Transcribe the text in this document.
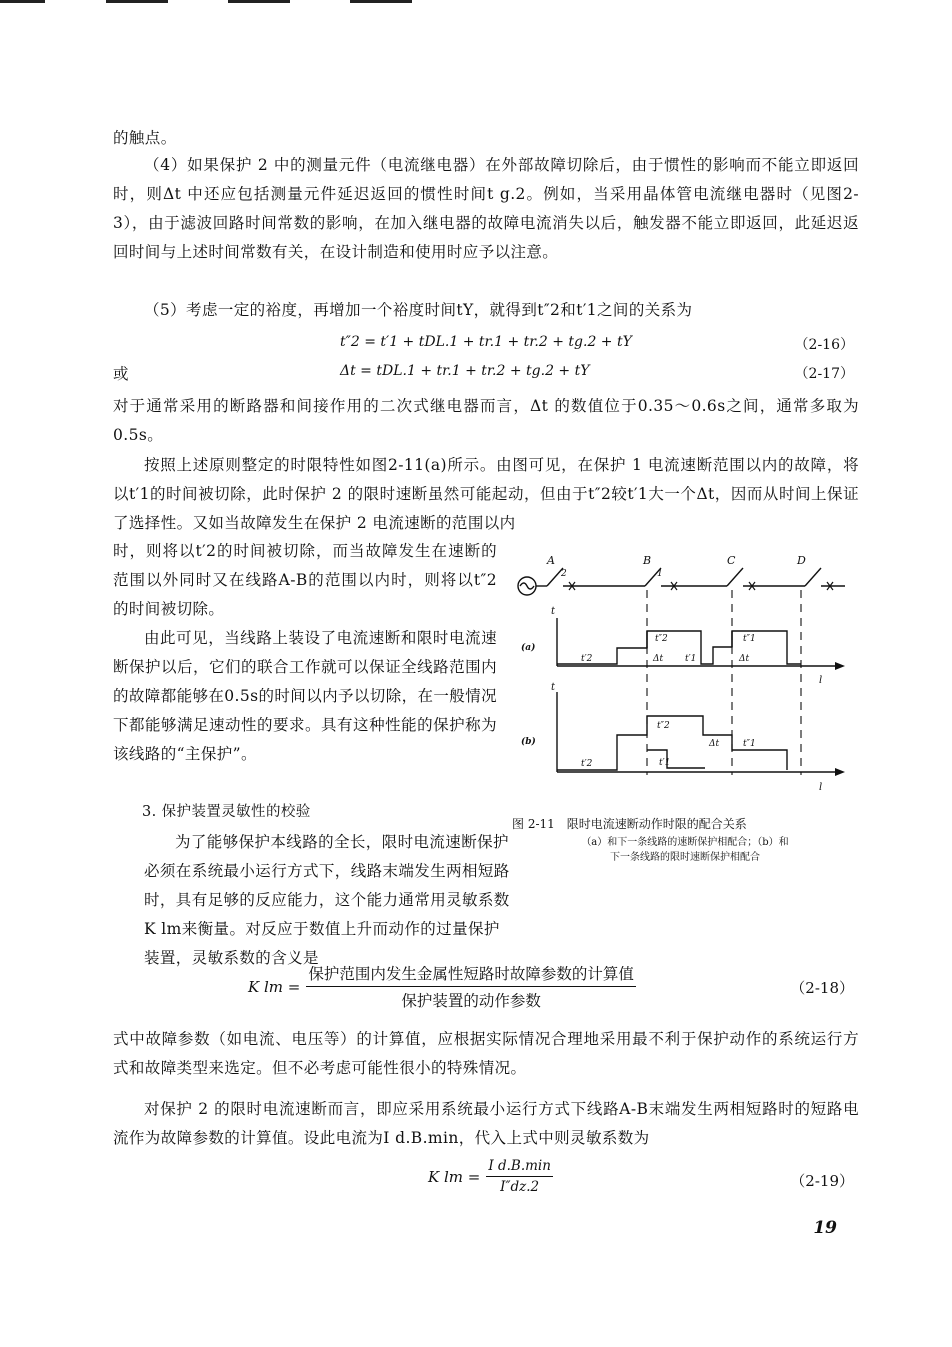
的触点。
（4）如果保护 2 中的测量元件（电流继电器）在外部故障切除后，由于惯性的影响而不能立即返回时，则Δt 中还应包括测量元件延迟返回的惯性时间t g.2。例如，当采用晶体管电流继电器时（见图2-3），由于滤波回路时间常数的影响，在加入继电器的故障电流消失以后，触发器不能立即返回，此延迟返回时间与上述时间常数有关，在设计制造和使用时应予以注意。
（5）考虑一定的裕度，再增加一个裕度时间tY，就得到t″2和t′1之间的关系为
t″2 = t′1 + tDL.1 + tr.1 + tr.2 + tg.2 + tY	（2-16）
或	Δt = tDL.1 + tr.1 + tr.2 + tg.2 + tY	（2-17）
对于通常采用的断路器和间接作用的二次式继电器而言，Δt 的数值位于0.35～0.6s之间，通常多取为0.5s。
按照上述原则整定的时限特性如图2-11(a)所示。由图可见，在保护 1 电流速断范围以内的故障，将以t′1的时间被切除，此时保护 2 的限时速断虽然可能起动，但由于t″2较t′1大一个Δt，因而从时间上保证了选择性。又如当故障发生在保护 2 电流速断的范围以内
时，则将以t′2的时间被切除，而当故障发生在速断的范围以外同时又在线路A-B的范围以内时，则将以t″2的时间被切除。
由此可见，当线路上装设了电流速断和限时电流速断保护以后，它们的联合工作就可以保证全线路范围内的故障都能够在0.5s的时间以内予以切除，在一般情况下都能够满足速动性的要求。具有这种性能的保护称为该线路的“主保护”。
3. 保护装置灵敏性的校验
为了能够保护本线路的全长，限时电流速断保护必须在系统最小运行方式下，线路末端发生两相短路时，具有足够的反应能力，这个能力通常用灵敏系数K lm来衡量。对反应于数值上升而动作的过量保护装置，灵敏系数的含义是
A
2
B
1
C	D
t
t
l
l
(a)
(b)
t′2
t″2
Δt t′1
t″1
Δt
t′2
t″2
t′1
Δt	t″1
图 2-11　限时电流速断动作时限的配合关系
（a）和下一条线路的速断保护相配合；（b）和
下一条线路的限时速断保护相配合
K lm = $\frac{\text{保护范围内发生金属性短路时故障参数的计算值}}{\text{保护装置的动作参数}}$	（2-18）
式中故障参数（如电流、电压等）的计算值，应根据实际情况合理地采用最不利于保护动作的系统运行方式和故障类型来选定。但不必考虑可能性很小的特殊情况。
对保护 2 的限时电流速断而言，即应采用系统最小运行方式下线路A-B末端发生两相短路时的短路电流作为故障参数的计算值。设此电流为I d.B.min，代入上式中则灵敏系数为
K lm = $\frac{\text{I d.B.min}}{I''dz.2}$	（2-19）
19
